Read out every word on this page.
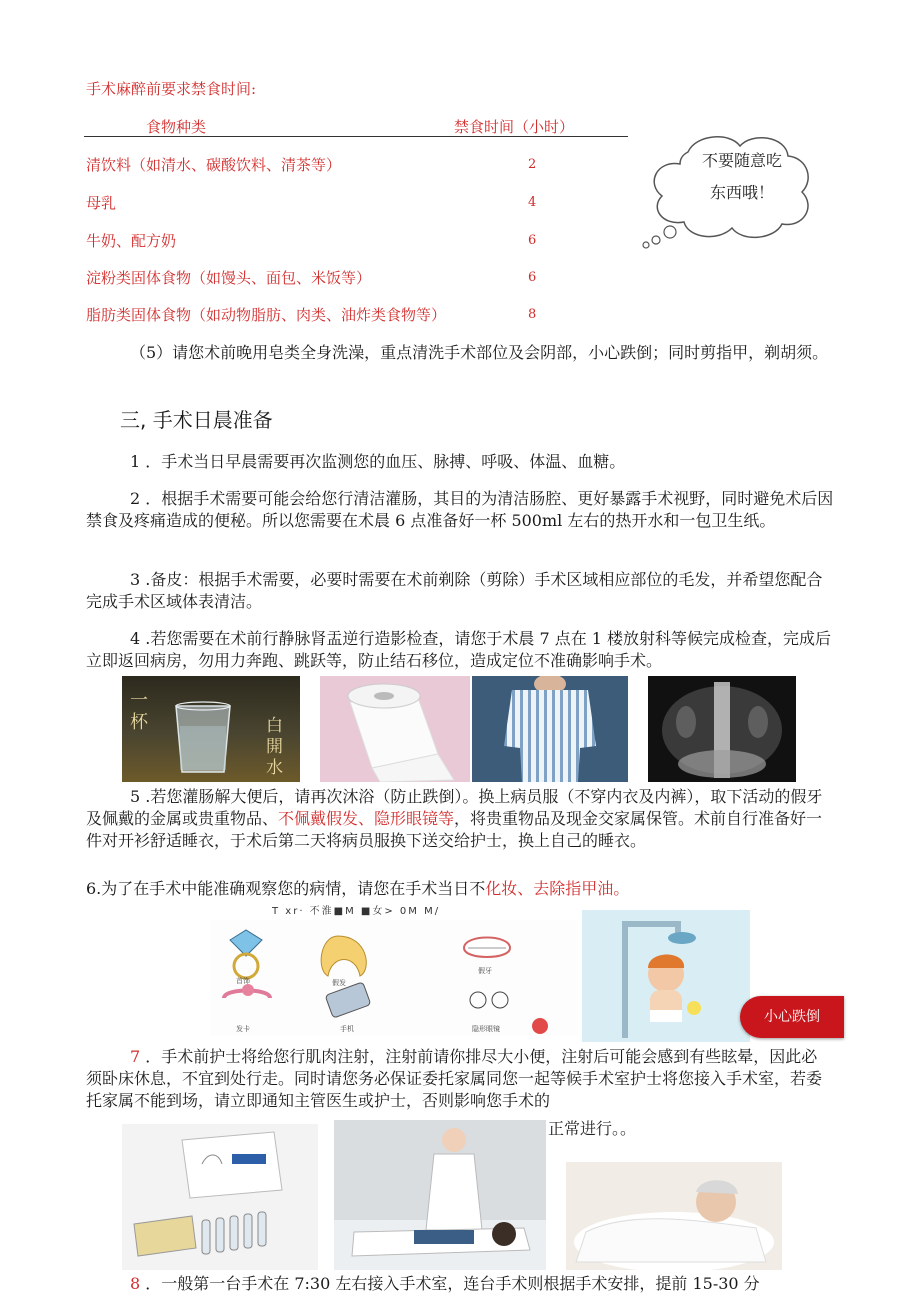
手术麻醉前要求禁食时间:
食物种类	禁食时间（小时）
清饮料（如清水、碳酸饮料、清茶等）	2
母乳	4
牛奶、配方奶	6
淀粉类固体食物（如馒头、面包、米饭等）	6
脂肪类固体食物（如动物脂肪、肉类、油炸类食物等）	8
不要随意吃
东西哦！
（5）请您术前晚用皂类全身洗澡，重点清洗手术部位及会阴部，小心跌倒；同时剪指甲，剃胡须。
三, 手术日晨准备
1 ．手术当日早晨需要再次监测您的血压、脉搏、呼吸、体温、血糖。
2 ．根据手术需要可能会给您行清洁灌肠，其目的为清洁肠腔、更好暴露手术视野，同时避免术后因禁食及疼痛造成的便秘。所以您需要在术晨 6 点准备好一杯 500ml 左右的热开水和一包卫生纸。
3 .备皮：根据手术需要，必要时需要在术前剃除（剪除）手术区域相应部位的毛发，并希望您配合完成手术区域体表清洁。
4 .若您需要在术前行静脉肾盂逆行造影检查，请您于术晨 7 点在 1 楼放射科等候完成检查，完成后立即返回病房，勿用力奔跑、跳跃等，防止结石移位，造成定位不准确影响手术。
一杯	白開水
5 .若您灌肠解大便后，请再次沐浴（防止跌倒）。换上病员服（不穿内衣及内裤），取下活动的假牙及佩戴的金属或贵重物品、不佩戴假发、隐形眼镜等，将贵重物品及现金交家属保管。术前自行准备好一件对开衫舒适睡衣，于术后第二天将病员服换下送交给护士，换上自己的睡衣。
6.为了在手术中能准确观察您的病情，请您在手术当日不化妆、去除指甲油。
T ⅹr· 不淮■M ■女> 0M M/
首饰	假发
假牙
发卡	手机	隐形眼镜
小心跌倒
7 ．手术前护士将给您行肌肉注射，注射前请你排尽大小便，注射后可能会感到有些眩晕，因此必须卧床休息，不宜到处行走。同时请您务必保证委托家属同您一起等候手术室护士将您接入手术室，若委托家属不能到场，请立即通知主管医生或护士，否则影响您手术的
正常进行。。
8 ．一般第一台手术在 7:30 左右接入手术室，连台手术则根据手术安排，提前 15-30 分
